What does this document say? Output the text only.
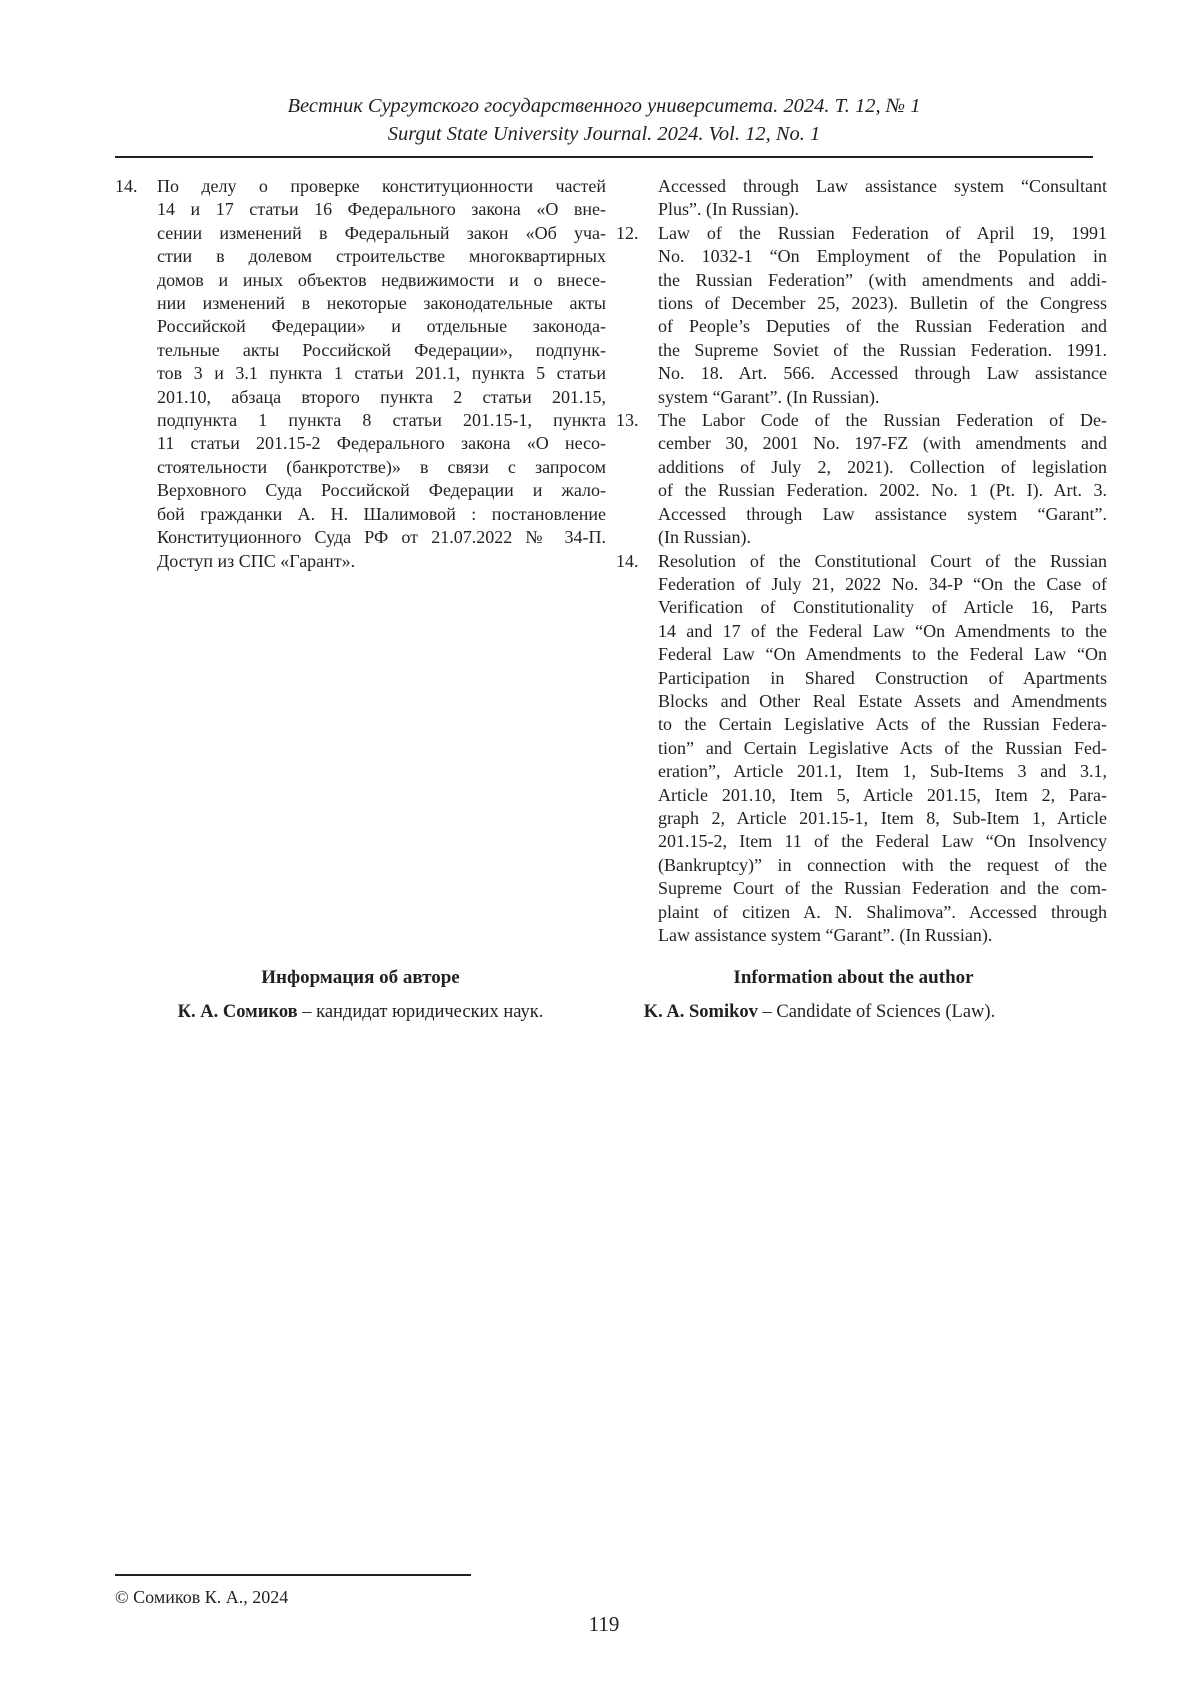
Вестник Сургутского государственного университета. 2024. Т. 12, № 1
Surgut State University Journal. 2024. Vol. 12, No. 1
14.	По делу о проверке конституционности частей
14 и 17 статьи 16 Федерального закона «О вне-
сении изменений в Федеральный закон «Об уча-
стии в долевом строительстве многоквартирных
домов и иных объектов недвижимости и о внесе-
нии изменений в некоторые законодательные акты
Российской Федерации» и отдельные законода-
тельные акты Российской Федерации», подпунк-
тов 3 и 3.1 пункта 1 статьи 201.1, пункта 5 статьи
201.10, абзаца второго пункта 2 статьи 201.15,
подпункта 1 пункта 8 статьи 201.15-1, пункта
11 статьи 201.15-2 Федерального закона «О несо-
стоятельности (банкротстве)» в связи с запросом
Верховного Суда Российской Федерации и жало-
бой гражданки А. Н. Шалимовой : постановление
Конституционного Суда РФ от 21.07.2022 № 34-П.
Доступ из СПС «Гарант».
Accessed through Law assistance system “Consultant
Plus”. (In Russian).
12.	Law of the Russian Federation of April 19, 1991
No. 1032-1 “On Employment of the Population in
the Russian Federation” (with amendments and addi-
tions of December 25, 2023). Bulletin of the Congress
of People’s Deputies of the Russian Federation and
the Supreme Soviet of the Russian Federation. 1991.
No. 18. Art. 566. Accessed through Law assistance
system “Garant”. (In Russian).
13.	The Labor Code of the Russian Federation of De-
cember 30, 2001 No. 197-FZ (with amendments and
additions of July 2, 2021). Collection of legislation
of the Russian Federation. 2002. No. 1 (Pt. I). Art. 3.
Accessed through Law assistance system “Garant”.
(In Russian).
14.	Resolution of the Constitutional Court of the Russian
Federation of July 21, 2022 No. 34-P “On the Case of
Verification of Constitutionality of Article 16, Parts
14 and 17 of the Federal Law “On Amendments to the
Federal Law “On Amendments to the Federal Law “On
Participation in Shared Construction of Apartments
Blocks and Other Real Estate Assets and Amendments
to the Certain Legislative Acts of the Russian Federa-
tion” and Certain Legislative Acts of the Russian Fed-
eration”, Article 201.1, Item 1, Sub-Items 3 and 3.1,
Article 201.10, Item 5, Article 201.15, Item 2, Para-
graph 2, Article 201.15-1, Item 8, Sub-Item 1, Article
201.15-2, Item 11 of the Federal Law “On Insolvency
(Bankruptcy)” in connection with the request of the
Supreme Court of the Russian Federation and the com-
plaint of citizen A. N. Shalimova”. Accessed through
Law assistance system “Garant”. (In Russian).
Информация об авторе
К. А. Сомиков – кандидат юридических наук.
Information about the author
K. A. Somikov – Candidate of Sciences (Law).
© Сомиков К. А., 2024
119
